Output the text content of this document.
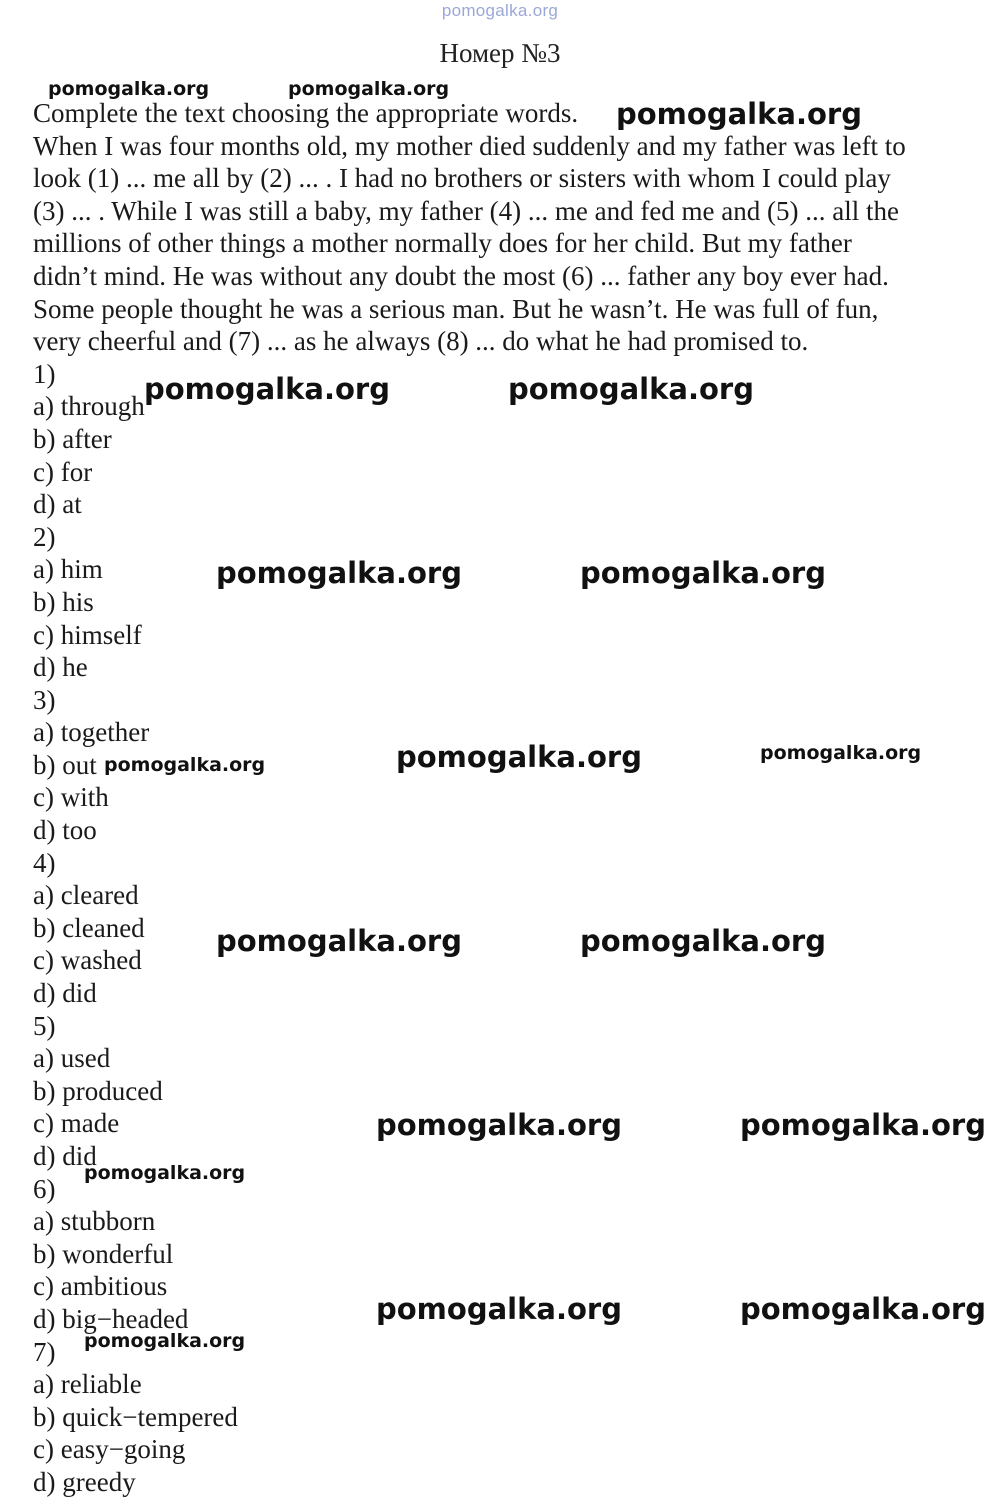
pomogalka.org
Номер №3
Complete the text choosing the appropriate words.
When I was four months old, my mother died suddenly and my father was left to
look (1) ... me all by (2) ... . I had no brothers or sisters with whom I could play
(3) ... . While I was still a baby, my father (4) ... me and fed me and (5) ... all the
millions of other things a mother normally does for her child. But my father
didn’t mind. He was without any doubt the most (6) ... father any boy ever had.
Some people thought he was a serious man. But he wasn’t. He was full of fun,
very cheerful and (7) ... as he always (8) ... do what he had promised to.
1)
a) through
b) after
c) for
d) at
2)
a) him
b) his
c) himself
d) he
3)
a) together
b) out
c) with
d) too
4)
a) cleared
b) cleaned
c) washed
d) did
5)
a) used
b) produced
c) made
d) did
6)
a) stubborn
b) wonderful
c) ambitious
d) big−headed
7)
a) reliable
b) quick−tempered
c) easy−going
d) greedy
pomogalka.org	pomogalka.org
pomogalka.org
pomogalka.org	pomogalka.org
pomogalka.org	pomogalka.org
pomogalka.org	pomogalka.org	pomogalka.org
pomogalka.org	pomogalka.org
pomogalka.org	pomogalka.org
pomogalka.org
pomogalka.org	pomogalka.org
pomogalka.org
